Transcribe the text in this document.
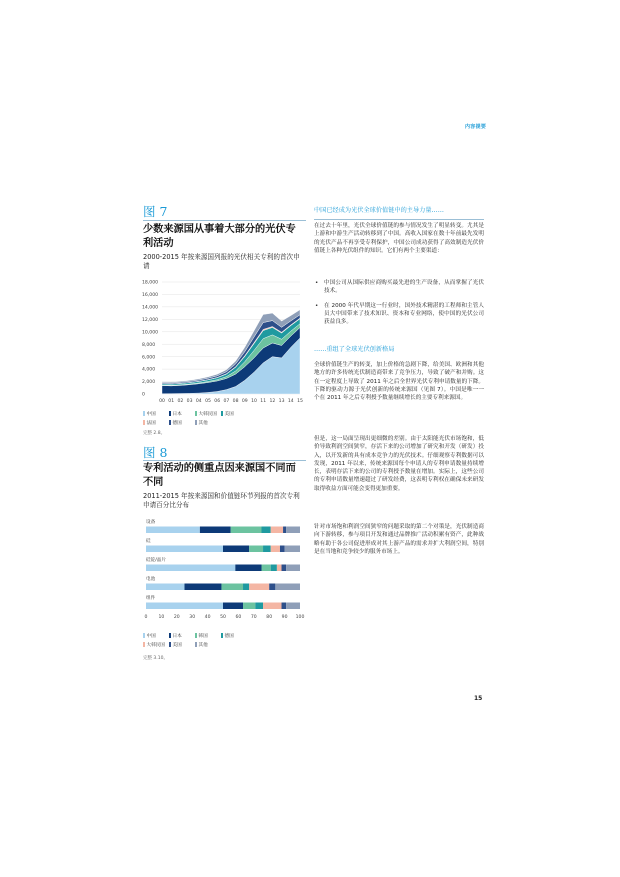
内容提要
图 7
少数来源国从事着大部分的光伏专利活动
2000-2015 年按来源国列报的光伏相关专利的首次申请
0
2,000
4,000
6,000
8,000
10,000
12,000
14,000
16,000
18,000
00 01 02 03 04 05 06 07 08 09 10 11 12 13 14 15
中国	日本	大韩民国 美国
法国	德国	其他
完整 2.8。
图 8
专利活动的侧重点因来源国不同而不同
2011-2015 年按来源国和价值链环节列报的首次专利申请百分比分布
设备
硅
硅锭/晶片
电池
组件
0 10 20 30 40 50 60 70 80 90 100
中国	日本	韩国	德国
大韩民国 美国	其他
完整 3.10。
中国已经成为光伏全球价值链中的主导力量……
在过去十年里，光伏全球价值链的参与情况发生了明显转变。尤其是上游和中游生产活动转移到了中国。高收入国家在数十年前最先发明的光伏产品不再享受专利保护，中国公司成功获得了高效制造光伏价值链上各种光伏组件的知识。它们有两个主要渠道：
• 中国公司从国际供应商购买最先进的生产设备，从而掌握了光伏技术。
• 在 2000 年代早期这一行业时，国外技术精湛的工程师和主管人员大中国带来了技术知识、资本和专业网络，使中国的光伏公司获益良多。
……重组了全球光伏创新格局
全球价值链生产的转变，加上价格的急剧下降，给美国、欧洲和其他地方的许多传统光伏制造商带来了竞争压力，导致了破产和并购。这在一定程度上导致了 2011 年之后全世界光伏专利申请数量的下降。下降的驱动力源于光伏创新的传统来源国（见图 7）。中国是唯一一个在 2011 年之后专利授予数量继续增长的主要专利来源国。
但是，这一局面呈现出更细微的差别。由于太阳能光伏市场饱和，低价导致利润空间狭窄，存活下来的公司增加了研究和开发（研发）投入，以开发新的具有成本竞争力的光伏技术。仔细观察专利数据可以发现，2011 年以来，传统来源国每个申请人的专利申请数量持续增长，表明存活下来的公司的专利授予数量在增加。实际上，这些公司的专利申请数量增速超过了研发经费，这表明专利权在确保未来研发取得收益方面可能会变得更加重要。
针对市场饱和利润空间狭窄的问题采取的第二个对策是，光伏制造商向下游转移，参与项目开发和通过品牌推广活动积累有资产，此种战略有助于各公司促进形成对其上游产品的需求并扩大利润空间，特别是在当地和竞争较少的服务市场上。
15
